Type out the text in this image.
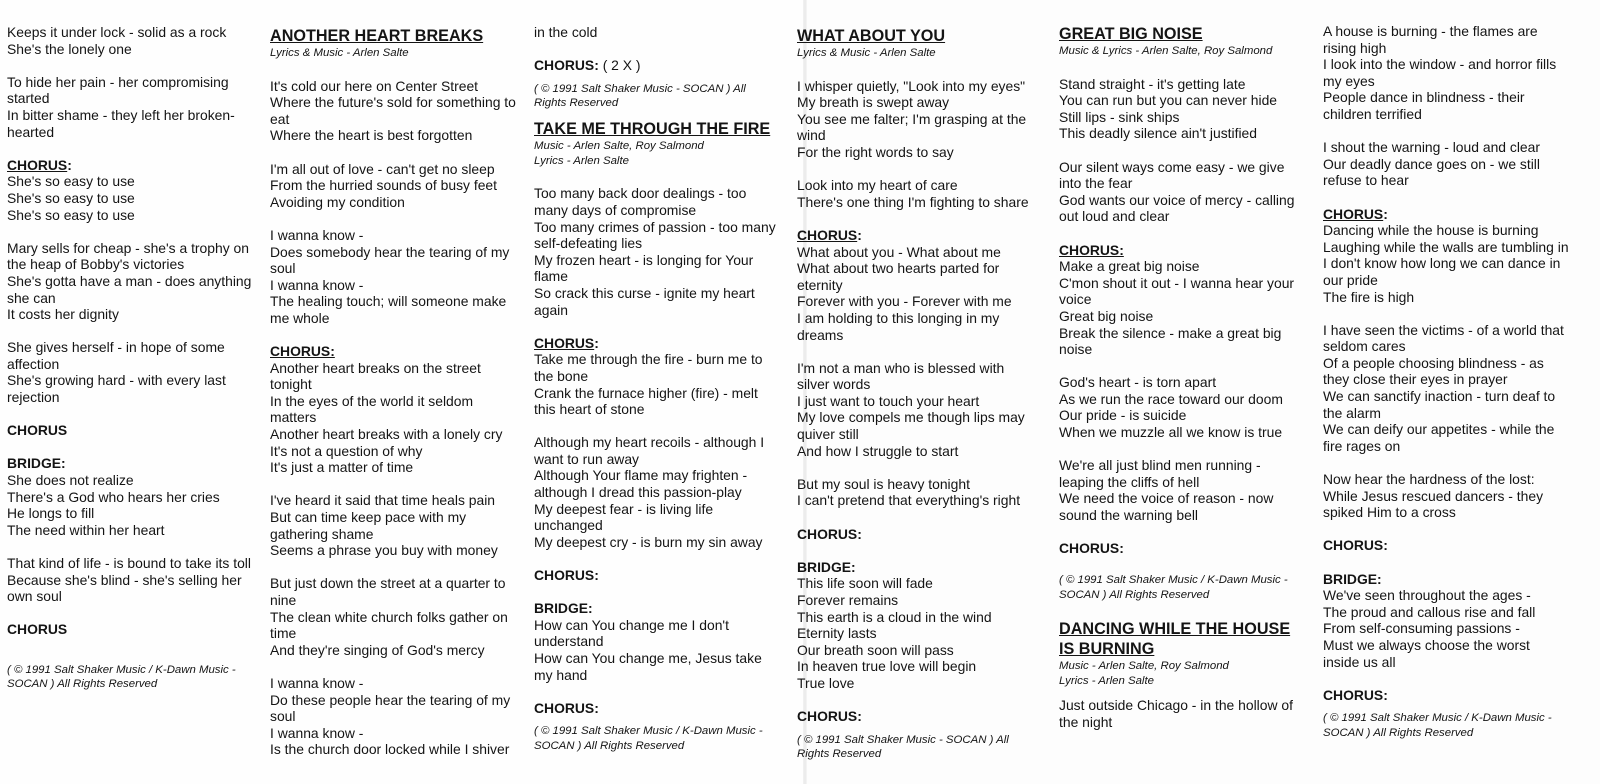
Keeps it under lock - solid as a rock

She's the lonely one

To hide her pain - her compromising started

In bitter shame - they left her broken-hearted

CHORUS:

She's so easy to use

She's so easy to use

She's so easy to use

Mary sells for cheap - she's a trophy on the heap of Bobby's victories

She's gotta have a man - does anything she can

It costs her dignity

She gives herself - in hope of some affection

She's growing hard - with every last rejection

CHORUS

BRIDGE:

She does not realize

There's a God who hears her cries

He longs to fill

The need within her heart

That kind of life - is bound to take its toll

Because she's blind - she's selling her own soul

CHORUS

( © 1991 Salt Shaker Music / K-Dawn Music - SOCAN ) All Rights Reserved

ANOTHER HEART BREAKS

Lyrics & Music - Arlen Salte

It's cold our here on Center Street

Where the future's sold for something to eat

Where the heart is best forgotten

I'm all out of love - can't get no sleep

From the hurried sounds of busy feet

Avoiding my condition

I wanna know -

Does somebody hear the tearing of my soul

I wanna know -

The healing touch; will someone make me whole

CHORUS:

Another heart breaks on the street tonight

In the eyes of the world it seldom matters

Another heart breaks with a lonely cry

It's not a question of why

It's just a matter of time

I've heard it said that time heals pain

But can time keep pace with my gathering shame

Seems a phrase you buy with money

But just down the street at a quarter to nine

The clean white church folks gather on time

And they're singing of God's mercy

I wanna know -

Do these people hear the tearing of my soul

I wanna know -

Is the church door locked while I shiver

in the cold

CHORUS: ( 2 X )

( © 1991 Salt Shaker Music - SOCAN ) All Rights Reserved

TAKE ME THROUGH THE FIRE

Music - Arlen Salte, Roy Salmond

Lyrics - Arlen Salte

Too many back door dealings - too many days of compromise

Too many crimes of passion - too many self-defeating lies

My frozen heart - is longing for Your flame

So crack this curse - ignite my heart again

CHORUS:

Take me through the fire - burn me to the bone

Crank the furnace higher (fire) - melt this heart of stone

Although my heart recoils - although I want to run away

Although Your flame may frighten - although I dread this passion-play

My deepest fear - is living life unchanged

My deepest cry - is burn my sin away

CHORUS:

BRIDGE:

How can You change me I don't understand

How can You change me, Jesus take my hand

CHORUS:

( © 1991 Salt Shaker Music / K-Dawn Music - SOCAN ) All Rights Reserved

WHAT ABOUT YOU

Lyrics & Music - Arlen Salte

I whisper quietly, "Look into my eyes"

My breath is swept away

You see me falter; I'm grasping at the wind

For the right words to say

Look into my heart of care

There's one thing I'm fighting to share

CHORUS:

What about you - What about me

What about two hearts parted for eternity

Forever with you - Forever with me

I am holding to this longing in my dreams

I'm not a man who is blessed with silver words

I just want to touch your heart

My love compels me though lips may quiver still

And how I struggle to start

But my soul is heavy tonight

I can't pretend that everything's right

CHORUS:

BRIDGE:

This life soon will fade

Forever remains

This earth is a cloud in the wind

Eternity lasts

Our breath soon will pass

In heaven true love will begin

True love

CHORUS:

( © 1991 Salt Shaker Music - SOCAN ) All Rights Reserved

GREAT BIG NOISE

Music & Lyrics - Arlen Salte, Roy Salmond

Stand straight - it's getting late

You can run but you can never hide

Still lips - sink ships

This deadly silence ain't justified

Our silent ways come easy - we give into the fear

God wants our voice of mercy - calling out loud and clear

CHORUS:

Make a great big noise

C'mon shout it out - I wanna hear your voice

Great big noise

Break the silence - make a great big noise

God's heart - is torn apart

As we run the race toward our doom

Our pride - is suicide

When we muzzle all we know is true

We're all just blind men running - leaping the cliffs of hell

We need the voice of reason - now sound the warning bell

CHORUS:

( © 1991 Salt Shaker Music / K-Dawn Music - SOCAN ) All Rights Reserved

DANCING WHILE THE HOUSE IS BURNING

Music - Arlen Salte, Roy Salmond

Lyrics - Arlen Salte

Just outside Chicago - in the hollow of the night

A house is burning - the flames are rising high

I look into the window - and horror fills my eyes

People dance in blindness - their children terrified

I shout the warning - loud and clear

Our deadly dance goes on - we still refuse to hear

CHORUS:

Dancing while the house is burning

Laughing while the walls are tumbling in

I don't know how long we can dance in our pride

The fire is high

I have seen the victims - of a world that seldom cares

Of a people choosing blindness - as they close their eyes in prayer

We can sanctify inaction - turn deaf to the alarm

We can deify our appetites - while the fire rages on

Now hear the hardness of the lost:

While Jesus rescued dancers - they spiked Him to a cross

CHORUS:

BRIDGE:

We've seen throughout the ages -

The proud and callous rise and fall

From self-consuming passions -

Must we always choose the worst inside us all

CHORUS:

( © 1991 Salt Shaker Music / K-Dawn Music - SOCAN ) All Rights Reserved
